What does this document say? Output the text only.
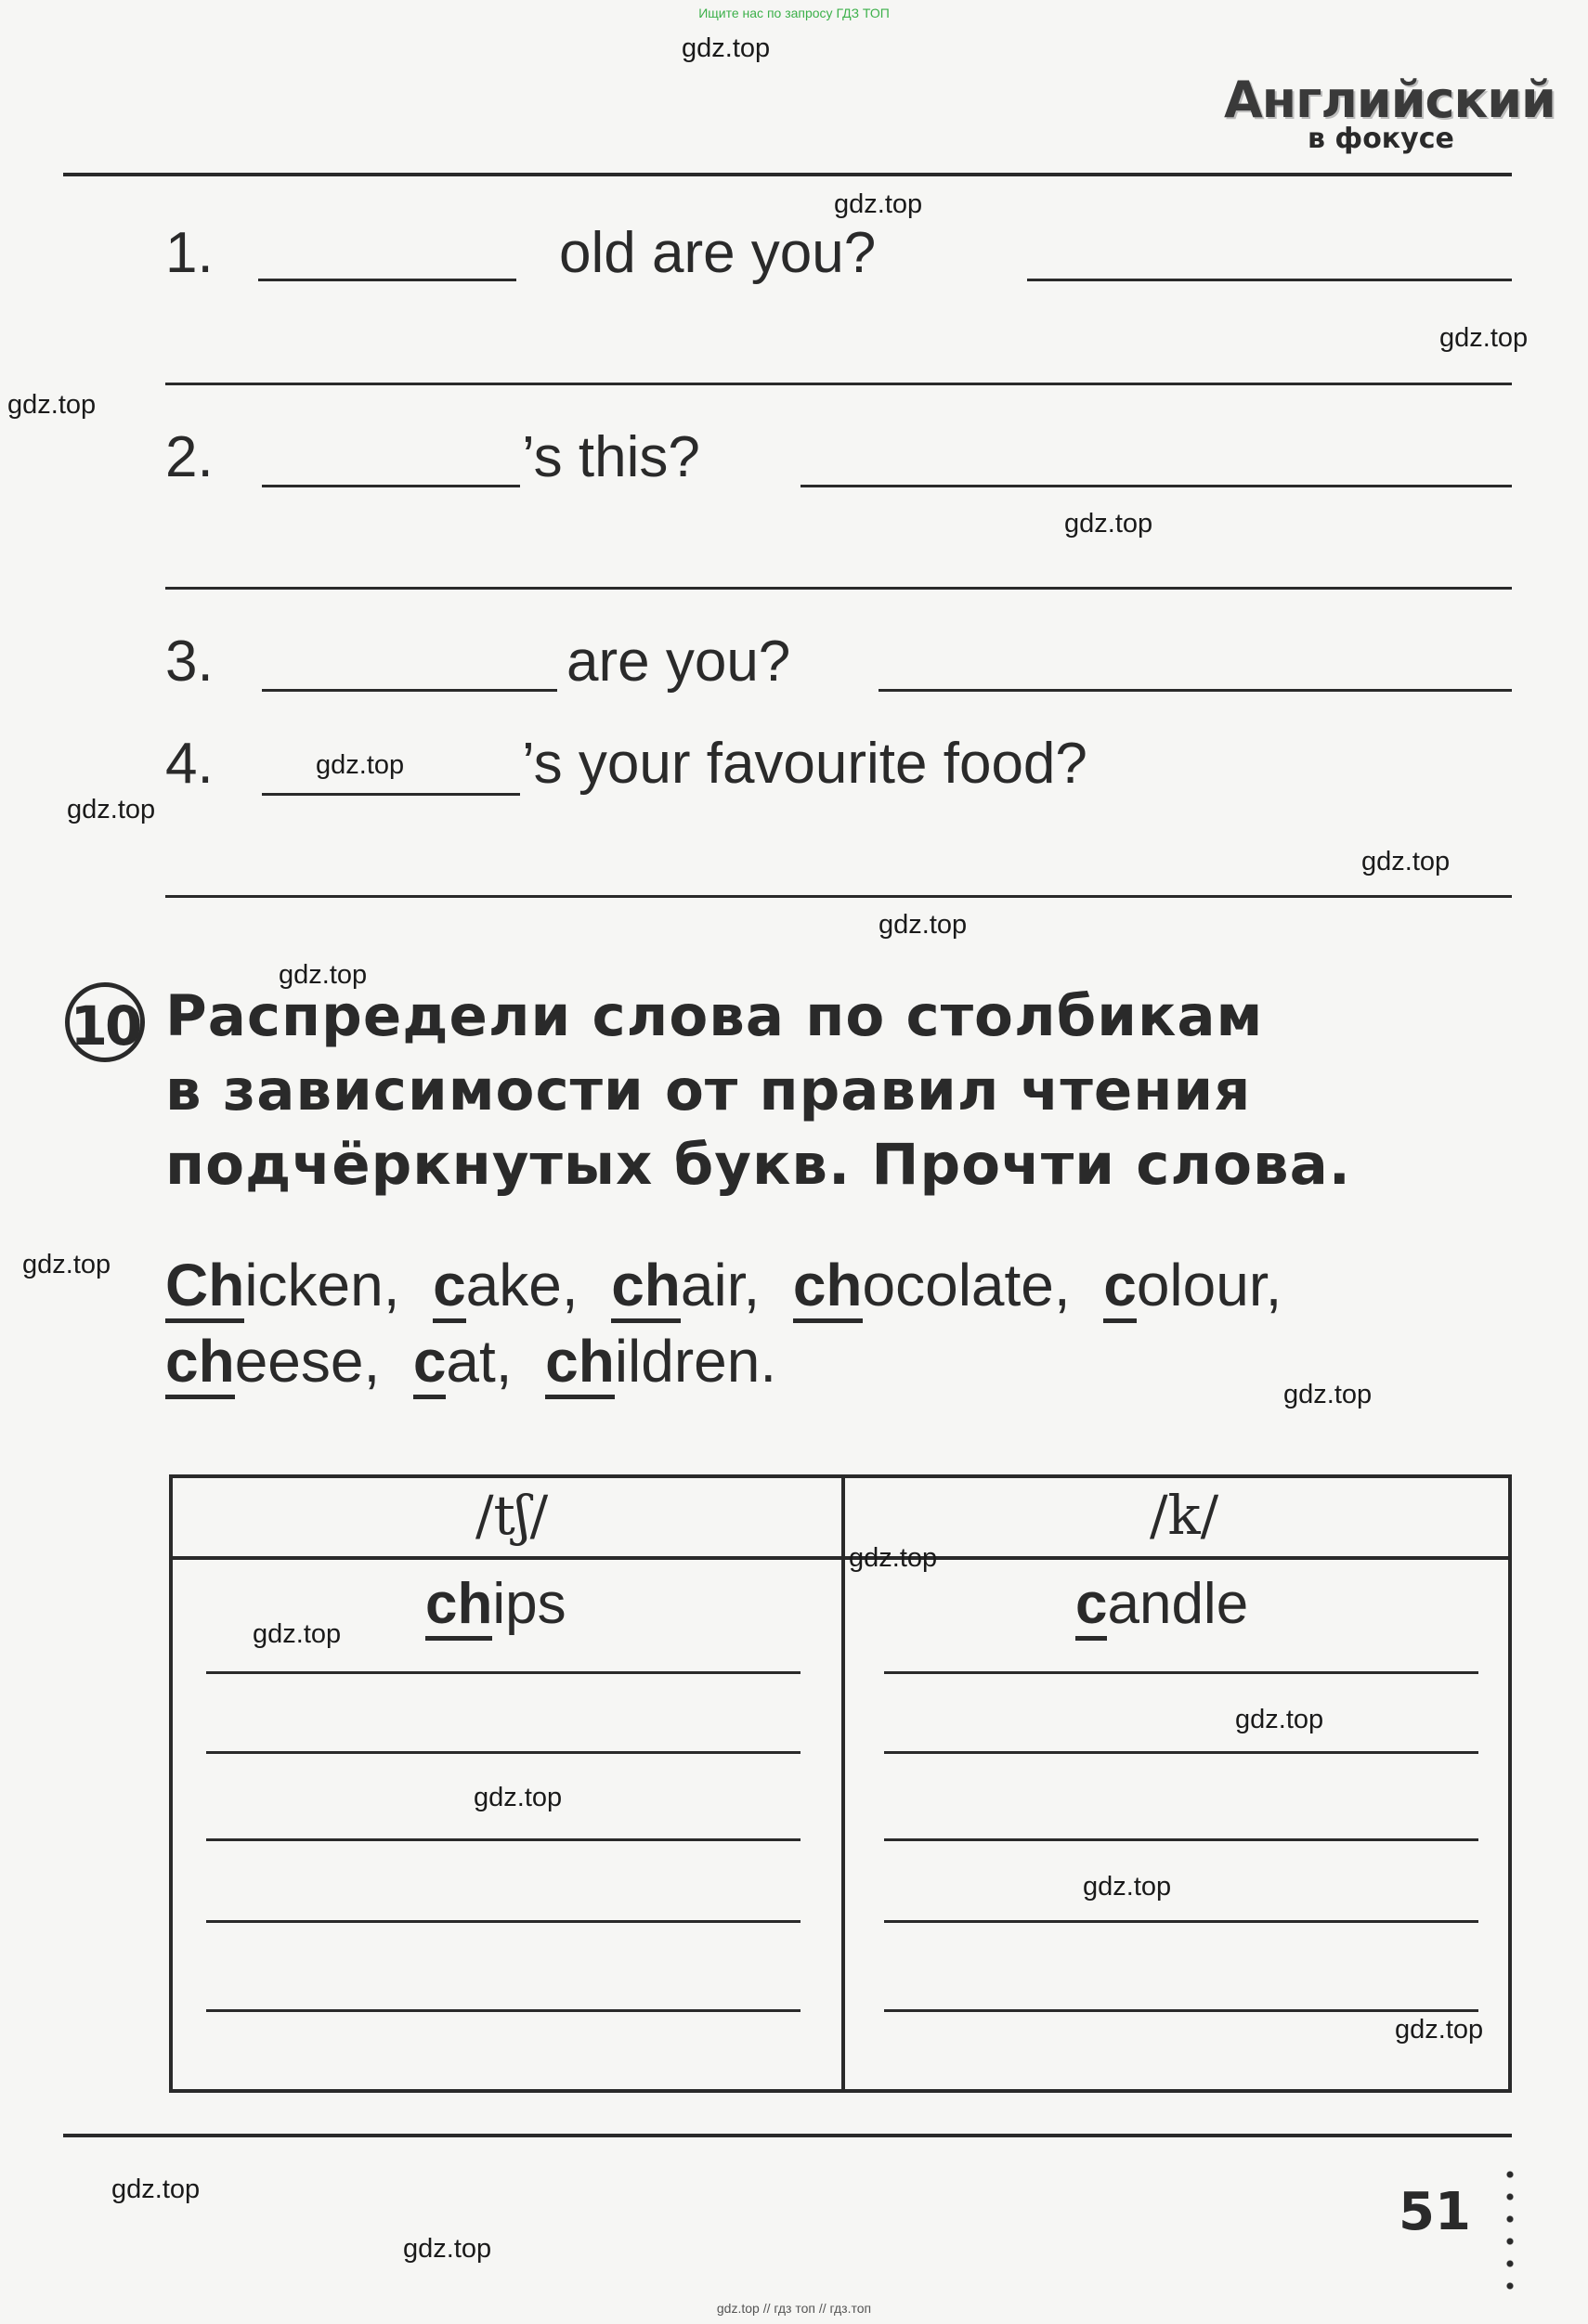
Ищите нас по запросу ГДЗ ТОП
gdz.top // гдз топ // гдз.топ
Английский
в фокусе
1.	old are you?
2.	’s this?
3.	are you?
4.	’s your favourite food?
10 Распредели слова по столбикам
в зависимости от правил чтения
подчёркнутых букв. Прочти слова.
Chicken, cake, chair, chocolate, colour,
cheese, cat, children.
/tʃ/	/k/
chips	candle
51
gdz.top
gdz.top
gdz.top
gdz.top
gdz.top
gdz.top
gdz.top
gdz.top
gdz.top
gdz.top
gdz.top
gdz.top
gdz.top
gdz.top
gdz.top
gdz.top
gdz.top
gdz.top
gdz.top
gdz.top
